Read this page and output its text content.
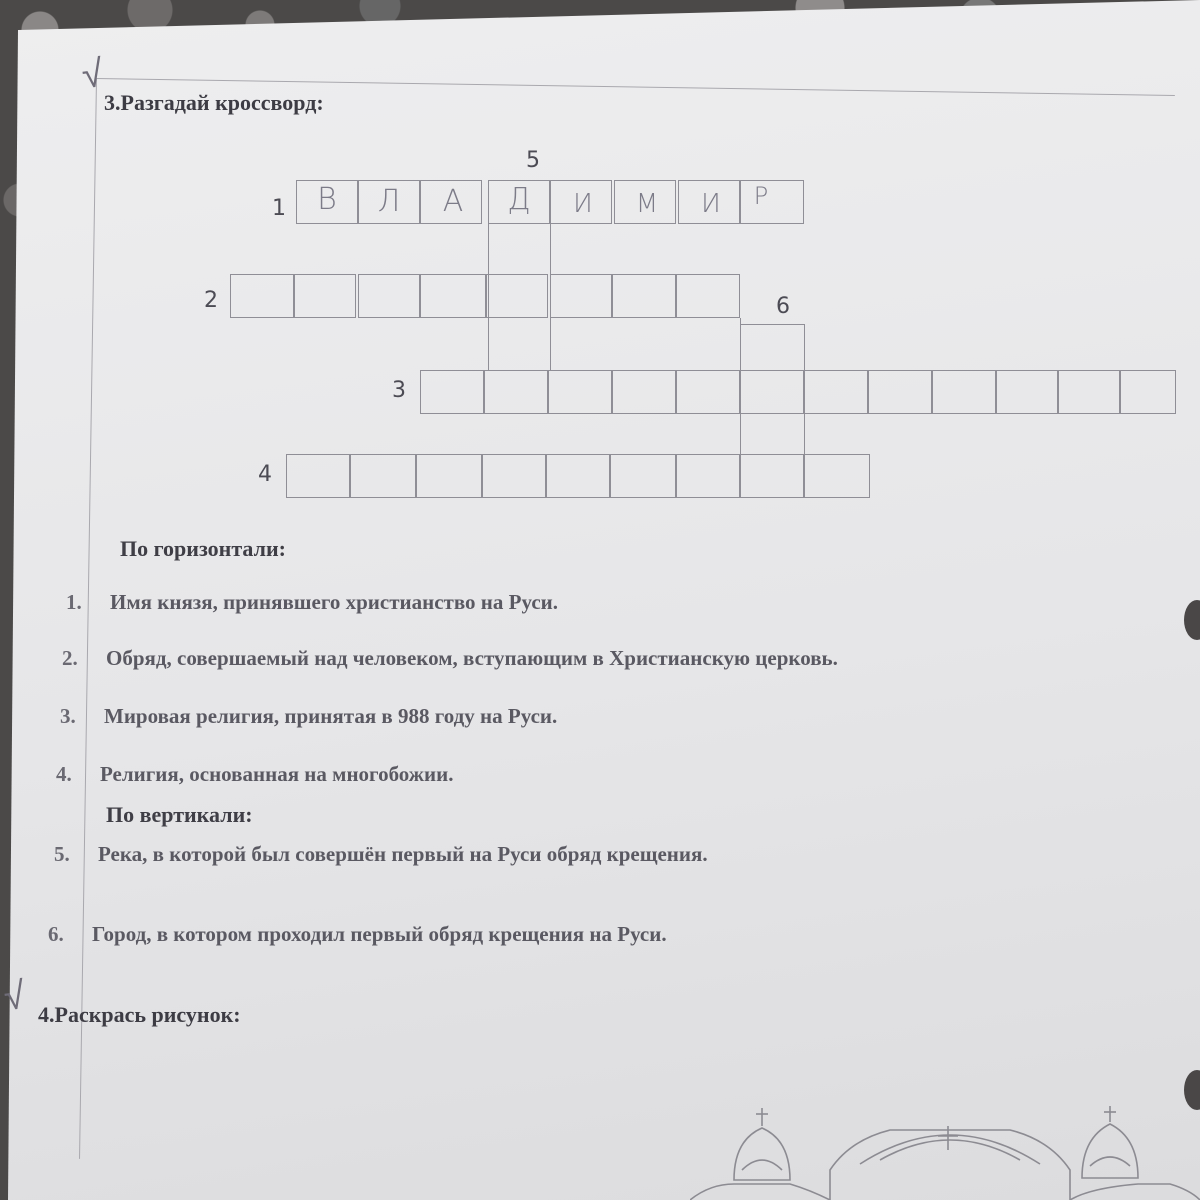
√
3.Разгадай кроссворд:
5
1
2	6
3
4
В	Л	А	Д	И	М	И	Р
По горизонтали:
1. Имя князя, принявшего христианство на Руси.
2. Обряд, совершаемый над человеком, вступающим в Христианскую церковь.
3. Мировая религия, принятая в 988 году на Руси.
4. Религия, основанная на многобожии.
По вертикали:
5. Река, в которой был совершён первый на Руси обряд крещения.
6. Город, в котором проходил первый обряд крещения на Руси.
√ 4.Раскрась рисунок:
